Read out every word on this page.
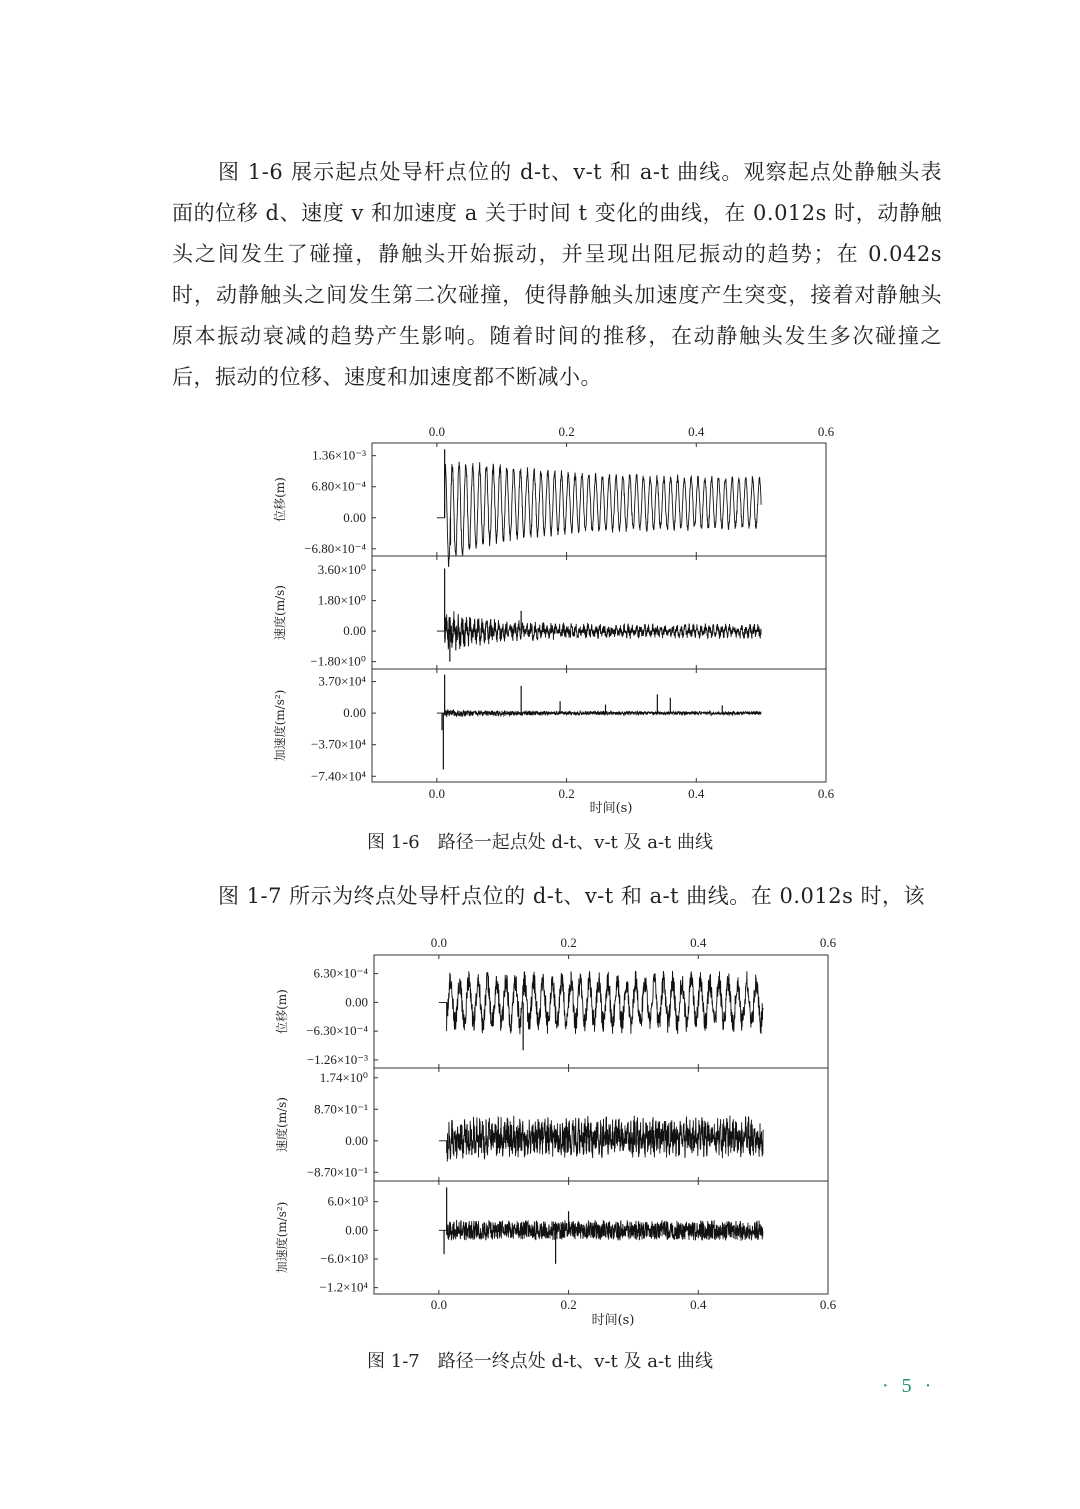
图 1-6 展示起点处导杆点位的 d-t、v-t 和 a-t 曲线。观察起点处静触头表面的位移 d、速度 v 和加速度 a 关于时间 t 变化的曲线，在 0.012s 时，动静触头之间发生了碰撞，静触头开始振动，并呈现出阻尼振动的趋势；在 0.042s 时，动静触头之间发生第二次碰撞，使得静触头加速度产生突变，接着对静触头原本振动衰减的趋势产生影响。随着时间的推移，在动静触头发生多次碰撞之后，振动的位移、速度和加速度都不断减小。

0.0
0.0
0.2
0.2
0.4
0.4
0.6
0.6
时间(s)
1.36×10⁻³
6.80×10⁻⁴
0.00
−6.80×10⁻⁴
位移(m)
3.60×10⁰
1.80×10⁰
0.00
−1.80×10⁰
速度(m/s)
3.70×10⁴
0.00
−3.70×10⁴
−7.40×10⁴
加速度(m/s²)
图 1-6　路径一起点处 d-t、v-t 及 a-t 曲线

图 1-7 所示为终点处导杆点位的 d-t、v-t 和 a-t 曲线。在 0.012s 时，该

0.0
0.0
0.2
0.2
0.4
0.4
0.6
0.6
时间(s)
6.30×10⁻⁴
0.00
−6.30×10⁻⁴
−1.26×10⁻³
位移(m)
1.74×10⁰
8.70×10⁻¹
0.00
−8.70×10⁻¹
速度(m/s)
6.0×10³
0.00
−6.0×10³
−1.2×10⁴
加速度(m/s²)
图 1-7　路径一终点处 d-t、v-t 及 a-t 曲线
· 5 ·
